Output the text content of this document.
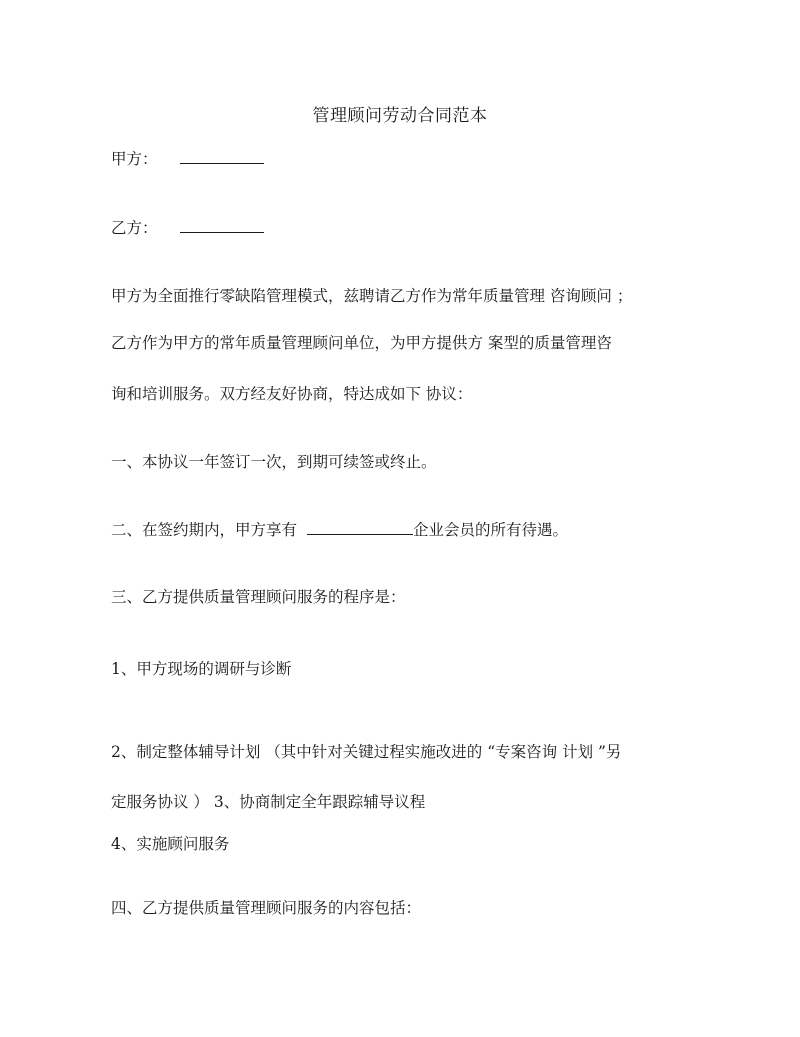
管理顾问劳动合同范本
甲方：
乙方：
甲方为全面推行零缺陷管理模式，兹聘请乙方作为常年质量管理 咨询顾问 ；
乙方作为甲方的常年质量管理顾问单位，为甲方提供方 案型的质量管理咨
询和培训服务。双方经友好协商，特达成如下 协议：
一、本协议一年签订一次，到期可续签或终止。
二、在签约期内，甲方享有	企业会员的所有待遇。
三、乙方提供质量管理顾问服务的程序是：
1、甲方现场的调研与诊断
2、制定整体辅导计划 （其中针对关键过程实施改进的 “专案咨询 计划 ”另
定服务协议 ） 3、协商制定全年跟踪辅导议程
4、实施顾问服务
四、乙方提供质量管理顾问服务的内容包括：
